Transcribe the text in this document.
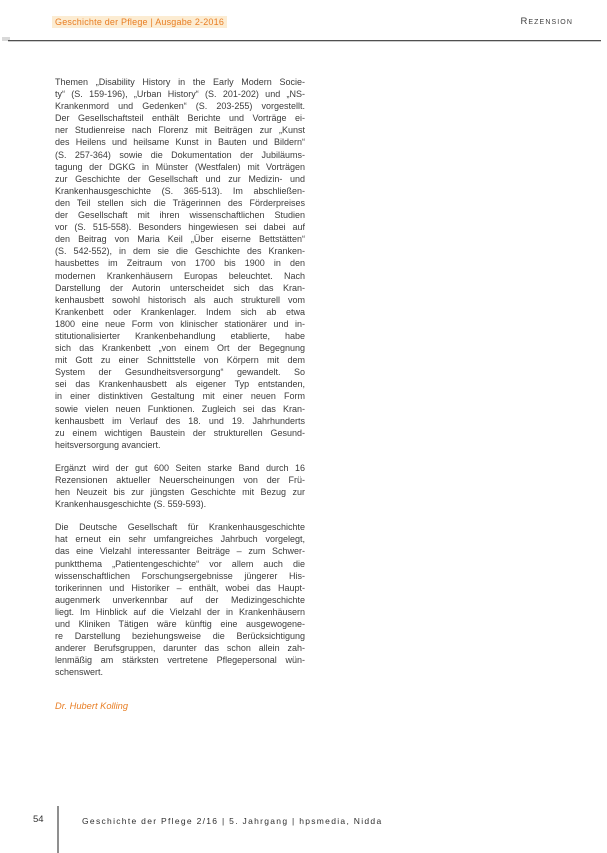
Geschichte der Pflege | Ausgabe 2-2016	Rezension
Themen „Disability History in the Early Modern Socie-
ty“ (S. 159-196), „Urban History“ (S. 201-202) und „NS-
Krankenmord und Gedenken“ (S. 203-255) vorgestellt.
Der Gesellschaftsteil enthält Berichte und Vorträge ei-
ner Studienreise nach Florenz mit Beiträgen zur „Kunst
des Heilens und heilsame Kunst in Bauten und Bildern“
(S. 257-364) sowie die Dokumentation der Jubiläums-
tagung der DGKG in Münster (Westfalen) mit Vorträgen
zur Geschichte der Gesellschaft und zur Medizin- und
Krankenhausgeschichte (S. 365-513). Im abschließen-
den Teil stellen sich die Trägerinnen des Förderpreises
der Gesellschaft mit ihren wissenschaftlichen Studien
vor (S. 515-558). Besonders hingewiesen sei dabei auf
den Beitrag von Maria Keil „Über eiserne Bettstätten“
(S. 542-552), in dem sie die Geschichte des Kranken-
hausbettes im Zeitraum von 1700 bis 1900 in den
modernen Krankenhäusern Europas beleuchtet. Nach
Darstellung der Autorin unterscheidet sich das Kran-
kenhausbett sowohl historisch als auch strukturell vom
Krankenbett oder Krankenlager. Indem sich ab etwa
1800 eine neue Form von klinischer stationärer und in-
stitutionalisierter Krankenbehandlung etablierte, habe
sich das Krankenbett „von einem Ort der Begegnung
mit Gott zu einer Schnittstelle von Körpern mit dem
System der Gesundheitsversorgung“ gewandelt. So
sei das Krankenhausbett als eigener Typ entstanden,
in einer distinktiven Gestaltung mit einer neuen Form
sowie vielen neuen Funktionen. Zugleich sei das Kran-
kenhausbett im Verlauf des 18. und 19. Jahrhunderts
zu einem wichtigen Baustein der strukturellen Gesund-
heitsversorgung avanciert.
Ergänzt wird der gut 600 Seiten starke Band durch 16
Rezensionen aktueller Neuerscheinungen von der Frü-
hen Neuzeit bis zur jüngsten Geschichte mit Bezug zur
Krankenhausgeschichte (S. 559-593).
Die Deutsche Gesellschaft für Krankenhausgeschichte
hat erneut ein sehr umfangreiches Jahrbuch vorgelegt,
das eine Vielzahl interessanter Beiträge – zum Schwer-
punktthema „Patientengeschichte“ vor allem auch die
wissenschaftlichen Forschungsergebnisse jüngerer His-
torikerinnen und Historiker – enthält, wobei das Haupt-
augenmerk unverkennbar auf der Medizingeschichte
liegt. Im Hinblick auf die Vielzahl der in Krankenhäusern
und Kliniken Tätigen wäre künftig eine ausgewogene-
re Darstellung beziehungsweise die Berücksichtigung
anderer Berufsgruppen, darunter das schon allein zah-
lenmäßig am stärksten vertretene Pflegepersonal wün-
schenswert.
Dr. Hubert Kolling
54	Geschichte der Pflege 2/16 | 5. Jahrgang | hpsmedia, Nidda
